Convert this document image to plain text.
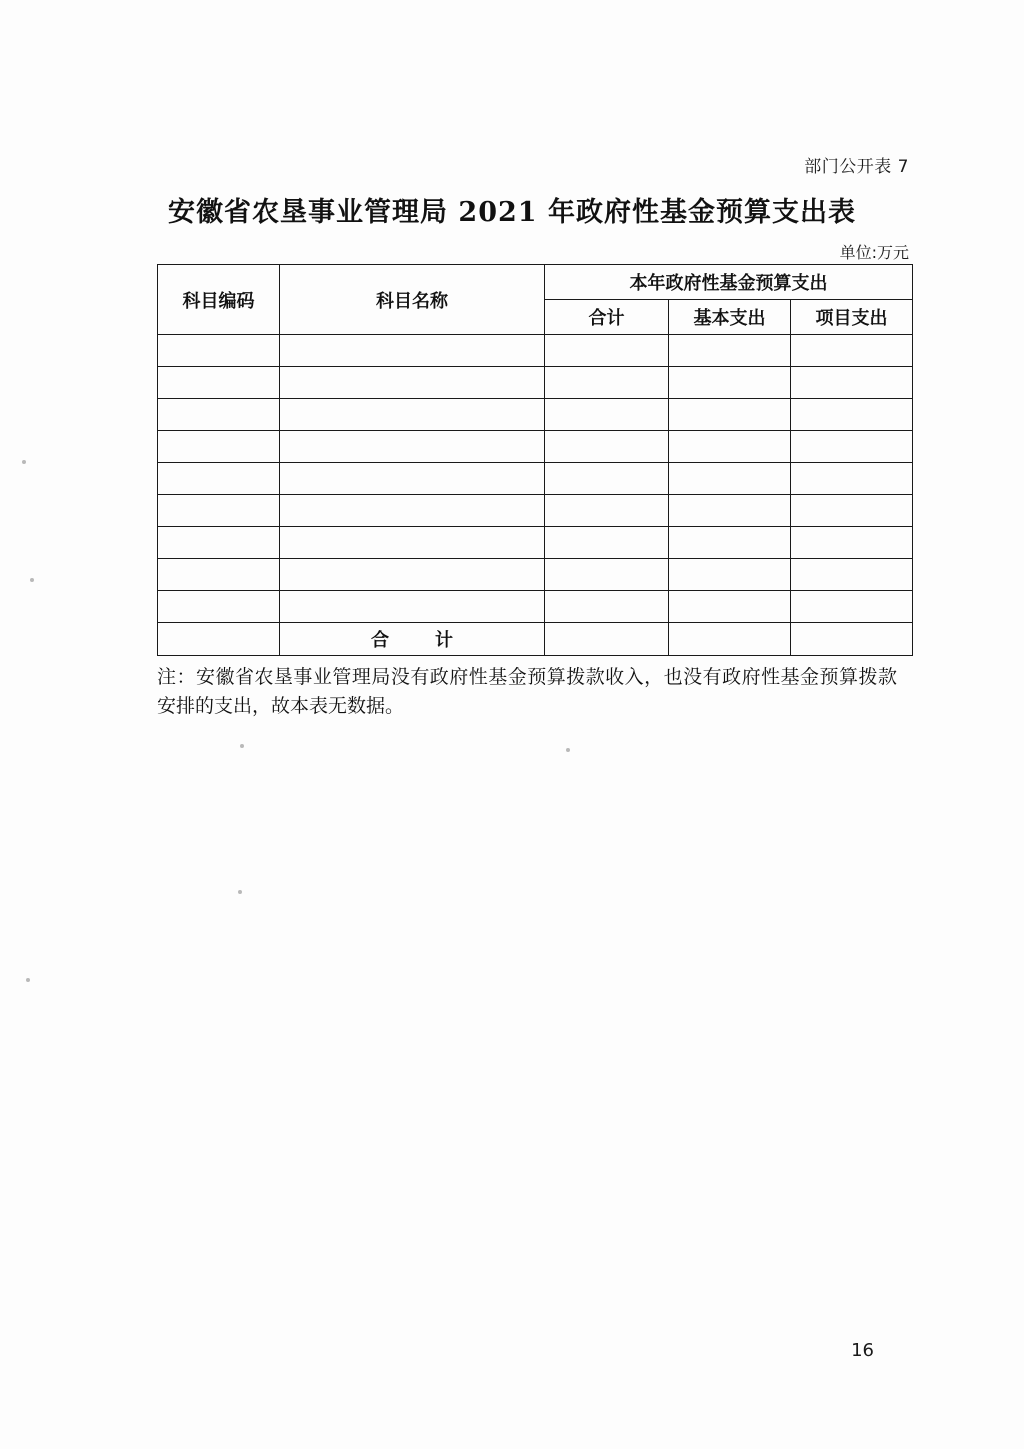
部门公开表 7
安徽省农垦事业管理局 2021 年政府性基金预算支出表
单位:万元
科目编码	科目名称	本年政府性基金预算支出		
		合计	基本支出	项目支出

	合　计			
注：安徽省农垦事业管理局没有政府性基金预算拨款收入，也没有政府性基金预算拨款安排的支出，故本表无数据。
16
